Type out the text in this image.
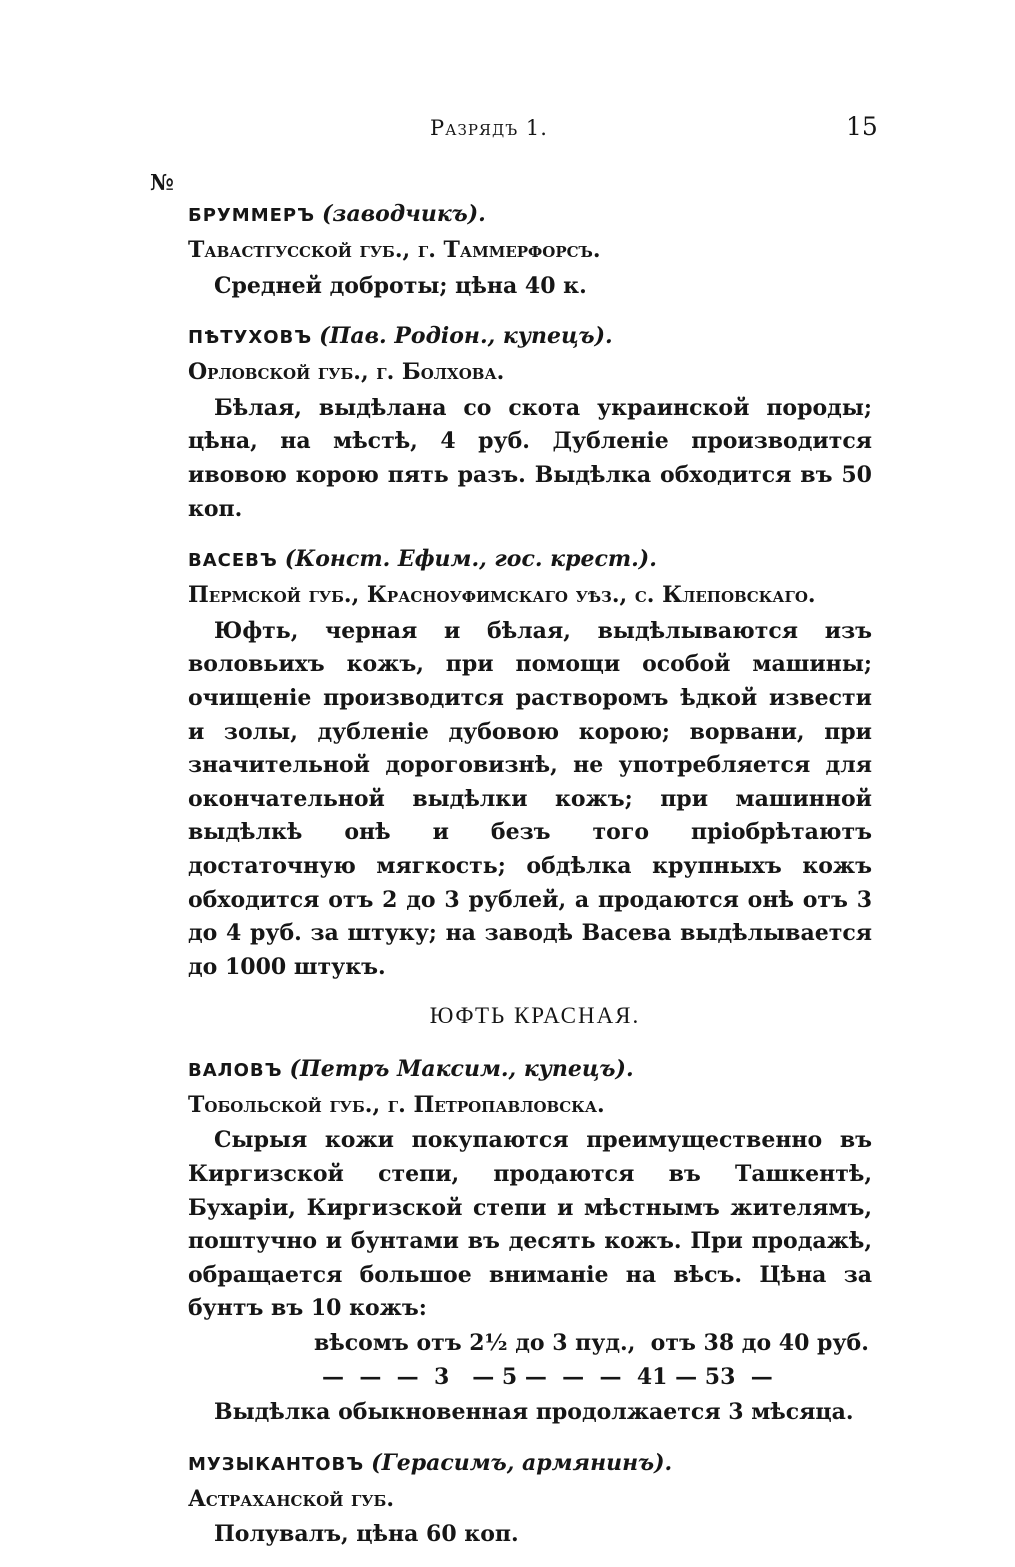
Разрядъ 1.	15
№
БРУММЕРЪ (заводчикъ).
Тавастгусской губ., г. Таммерфорсъ.

Средней доброты; цѣна 40 к.

ПѢТУХОВЪ (Пав. Родіон., купецъ).
Орловской губ., г. Болхова.

Бѣлая, выдѣлана со скота украинской породы; цѣна, на мѣстѣ, 4 руб. Дубленіе производится ивовою корою пять разъ. Выдѣлка обходится въ 50 коп.

ВАСЕВЪ (Конст. Ефим., гос. крест.).
Пермской губ., Красноуфимскаго уѣз., с. Клеповскаго.

Юфть, черная и бѣлая, выдѣлываются изъ воловьихъ кожъ, при помощи особой машины; очищеніе производится растворомъ ѣдкой извести и золы, дубленіе дубовою корою; ворвани, при значительной дороговизнѣ, не употребляется для окончательной выдѣлки кожъ; при машинной выдѣлкѣ онѣ и безъ того пріобрѣтаютъ достаточную мягкость; обдѣлка крупныхъ кожъ обходится отъ 2 до 3 рублей, а продаются онѣ отъ 3 до 4 руб. за штуку; на заводѣ Васева выдѣлывается до 1000 штукъ.

ЮФТЬ КРАСНАЯ.
ВАЛОВЪ (Петръ Максим., купецъ).
Тобольской губ., г. Петропавловска.

Сырыя кожи покупаются преимущественно въ Киргизской степи, продаются въ Ташкентѣ, Бухаріи, Киргизской степи и мѣстнымъ жителямъ, поштучно и бунтами въ десять кожъ. При продажѣ, обращается большое вниманіе на вѣсъ. Цѣна за бунтъ въ 10 кожъ:

вѣсомъ отъ 2½ до 3 пуд.,  отъ 38 до 40 руб.
—  —  —  3   — 5 —  —  —  41 — 53  —

Выдѣлка обыкновенная продолжается 3 мѣсяца.

МУЗЫКАНТОВЪ (Герасимъ, армянинъ).
Астраханской губ.

Полувалъ, цѣна 60 коп.
